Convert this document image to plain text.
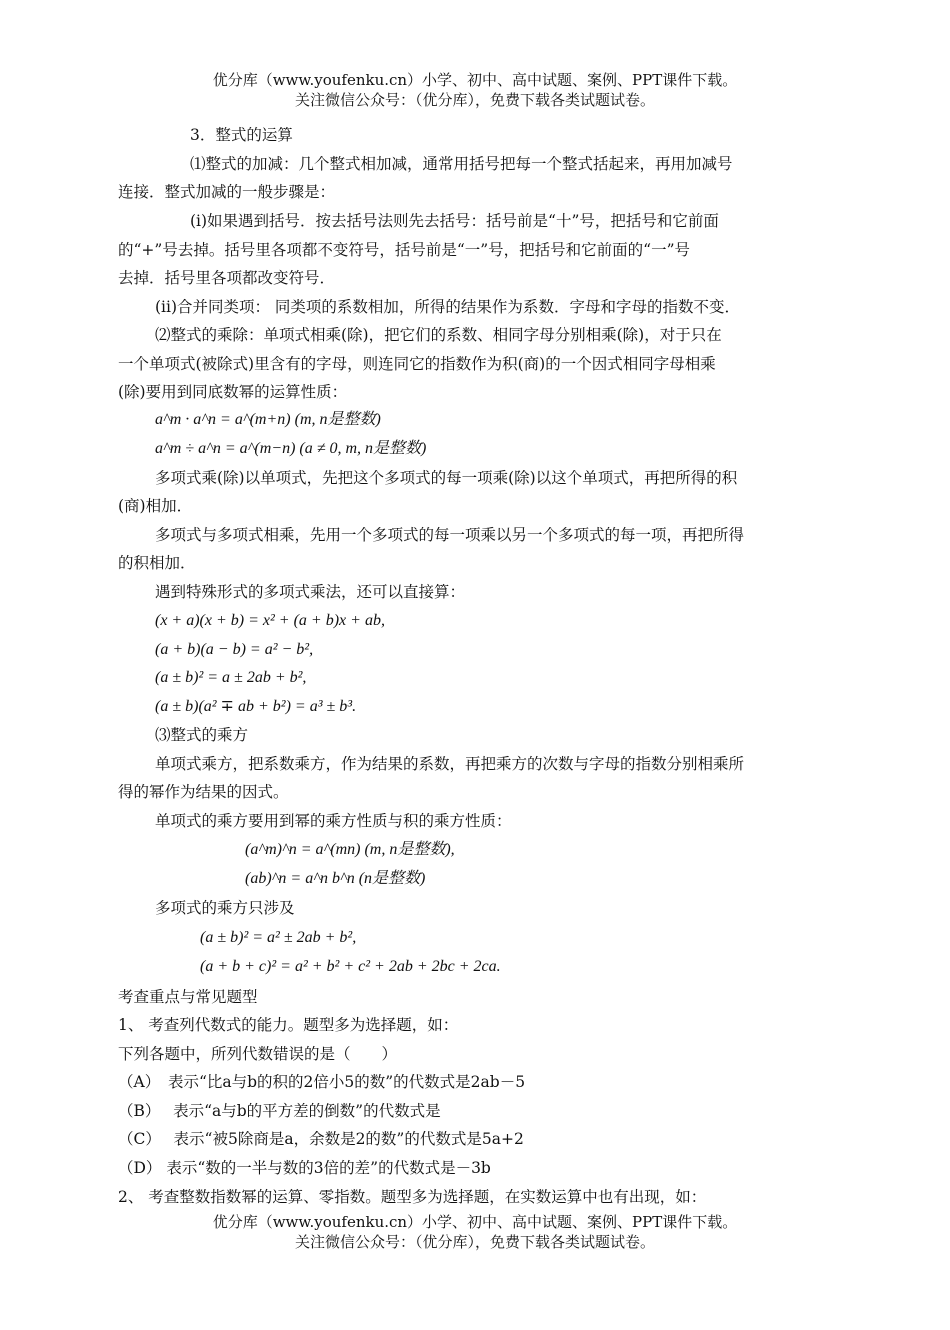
优分库（www.youfenku.cn）小学、初中、高中试题、案例、PPT课件下载。
关注微信公众号：（优分库），免费下载各类试题试卷。
3．整式的运算
⑴整式的加减：几个整式相加减，通常用括号把每一个整式括起来，再用加减号
连接．整式加减的一般步骤是：
(i)如果遇到括号．按去括号法则先去括号：括号前是“十”号，把括号和它前面
的“+”号去掉。括号里各项都不变符号，括号前是“一”号，把括号和它前面的“一”号
去掉．括号里各项都改变符号．
(ii)合并同类项： 同类项的系数相加，所得的结果作为系数．字母和字母的指数不变．
⑵整式的乘除：单项式相乘(除)，把它们的系数、相同字母分别相乘(除)，对于只在
一个单项式(被除式)里含有的字母，则连同它的指数作为积(商)的一个因式相同字母相乘
(除)要用到同底数幂的运算性质：
a^m · a^n = a^(m+n) (m, n是整数)
a^m ÷ a^n = a^(m−n) (a ≠ 0, m, n是整数)
多项式乘(除)以单项式，先把这个多项式的每一项乘(除)以这个单项式，再把所得的积
(商)相加．
多项式与多项式相乘，先用一个多项式的每一项乘以另一个多项式的每一项，再把所得
的积相加．
遇到特殊形式的多项式乘法，还可以直接算：
(x + a)(x + b) = x² + (a + b)x + ab,
(a + b)(a − b) = a² − b²,
(a ± b)² = a ± 2ab + b²,
(a ± b)(a² ∓ ab + b²) = a³ ± b³.
⑶整式的乘方
单项式乘方，把系数乘方，作为结果的系数，再把乘方的次数与字母的指数分别相乘所
得的幂作为结果的因式。
单项式的乘方要用到幂的乘方性质与积的乘方性质：
(a^m)^n = a^(mn) (m, n是整数),
(ab)^n = a^n b^n (n是整数)
多项式的乘方只涉及
(a ± b)² = a² ± 2ab + b²,
(a + b + c)² = a² + b² + c² + 2ab + 2bc + 2ca.
考查重点与常见题型
1、 考查列代数式的能力。题型多为选择题，如：
下列各题中，所列代数错误的是（　　）
（A）　表示“比a与b的积的2倍小5的数”的代数式是2ab－5
（B）　 表示“a与b的平方差的倒数”的代数式是
（C）　 表示“被5除商是a，余数是2的数”的代数式是5a+2
（D） 表示“数的一半与数的3倍的差”的代数式是－3b
2、 考查整数指数幂的运算、零指数。题型多为选择题，在实数运算中也有出现，如：
优分库（www.youfenku.cn）小学、初中、高中试题、案例、PPT课件下载。
关注微信公众号：（优分库），免费下载各类试题试卷。
